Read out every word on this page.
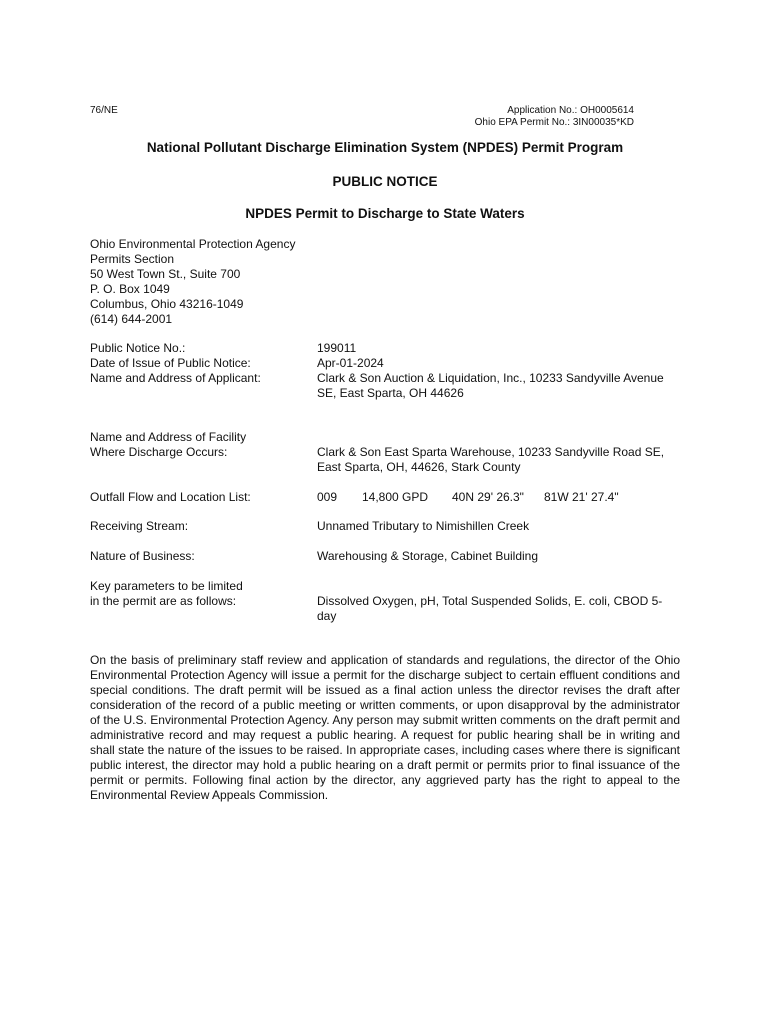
76/NE	Application No.: OH0005614
Ohio EPA Permit No.: 3IN00035*KD
National Pollutant Discharge Elimination System (NPDES) Permit Program
PUBLIC NOTICE
NPDES Permit to Discharge to State Waters
Ohio Environmental Protection Agency
Permits Section
50 West Town St., Suite 700
P. O. Box 1049
Columbus, Ohio 43216-1049
(614) 644-2001
Public Notice No.:	199011
Date of Issue of Public Notice:	Apr-01-2024
Name and Address of Applicant:	Clark & Son Auction & Liquidation, Inc., 10233 Sandyville Avenue SE, East Sparta, OH 44626
Name and Address of Facility
Where Discharge Occurs:	Clark & Son East Sparta Warehouse, 10233 Sandyville Road SE, East Sparta, OH, 44626, Stark County
Outfall Flow and Location List:	009 14,800 GPD 40N 29' 26.3" 81W 21' 27.4"
Receiving Stream:	Unnamed Tributary to Nimishillen Creek
Nature of Business:	Warehousing & Storage, Cabinet Building
Key parameters to be limited
in the permit are as follows:	Dissolved Oxygen, pH, Total Suspended Solids, E. coli, CBOD 5-day
On the basis of preliminary staff review and application of standards and regulations, the director of the Ohio Environmental Protection Agency will issue a permit for the discharge subject to certain effluent conditions and special conditions. The draft permit will be issued as a final action unless the director revises the draft after consideration of the record of a public meeting or written comments, or upon disapproval by the administrator of the U.S. Environmental Protection Agency. Any person may submit written comments on the draft permit and administrative record and may request a public hearing. A request for public hearing shall be in writing and shall state the nature of the issues to be raised. In appropriate cases, including cases where there is significant public interest, the director may hold a public hearing on a draft permit or permits prior to final issuance of the permit or permits. Following final action by the director, any aggrieved party has the right to appeal to the Environmental Review Appeals Commission.
